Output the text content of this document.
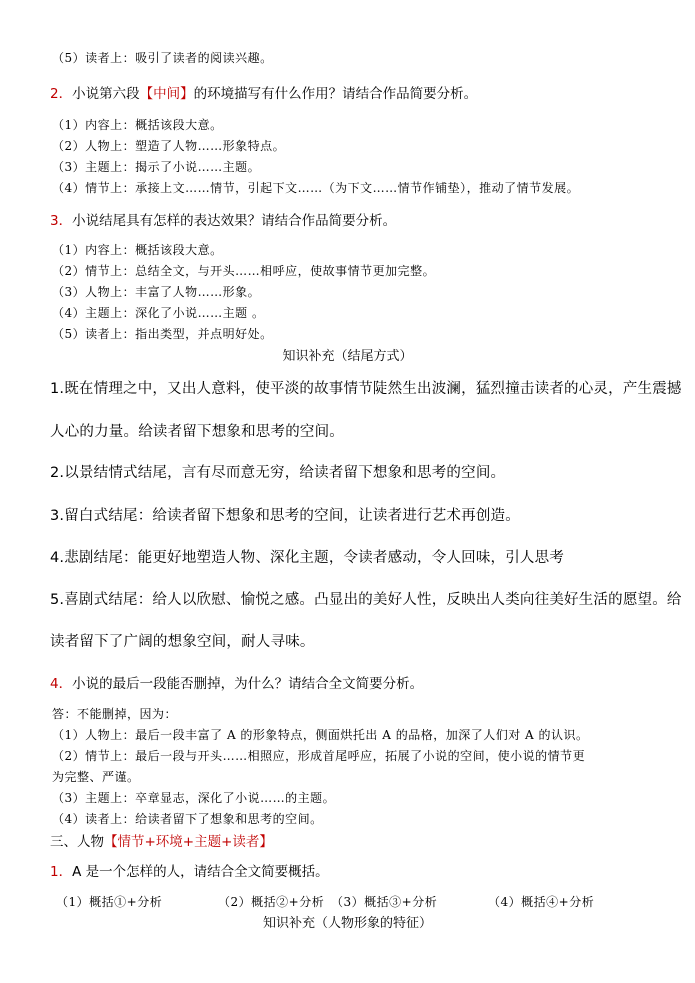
（5）读者上：吸引了读者的阅读兴趣。
2．小说第六段【中间】的环境描写有什么作用？请结合作品简要分析。
（1）内容上：概括该段大意。
（2）人物上：塑造了人物……形象特点。
（3）主题上：揭示了小说……主题。
（4）情节上：承接上文……情节，引起下文……（为下文……情节作铺垫），推动了情节发展。
3．小说结尾具有怎样的表达效果？请结合作品简要分析。
（1）内容上：概括该段大意。
（2）情节上：总结全文，与开头……相呼应，使故事情节更加完整。
（3）人物上：丰富了人物……形象。
（4）主题上：深化了小说……主题 。
（5）读者上：指出类型，并点明好处。
知识补充（结尾方式）
1.既在情理之中，又出人意料，使平淡的故事情节陡然生出波澜，猛烈撞击读者的心灵，产生震撼
人心的力量。给读者留下想象和思考的空间。
2.以景结情式结尾，言有尽而意无穷，给读者留下想象和思考的空间。
3.留白式结尾：给读者留下想象和思考的空间，让读者进行艺术再创造。
4.悲剧结尾：能更好地塑造人物、深化主题，令读者感动，令人回味，引人思考
5.喜剧式结尾：给人以欣慰、愉悦之感。凸显出的美好人性，反映出人类向往美好生活的愿望。给
读者留下了广阔的想象空间，耐人寻味。
4．小说的最后一段能否删掉，为什么？请结合全文简要分析。
答：不能删掉，因为：
（1）人物上：最后一段丰富了 A 的形象特点，侧面烘托出 A 的品格，加深了人们对 A 的认识。
（2）情节上：最后一段与开头……相照应，形成首尾呼应，拓展了小说的空间，使小说的情节更
为完整、严谨。
（3）主题上：卒章显志，深化了小说……的主题。
（4）读者上：给读者留下了想象和思考的空间。
三、人物【情节+环境+主题+读者】
1．A 是一个怎样的人，请结合全文简要概括。
（1）概括①+分析	（2）概括②+分析 （3）概括③+分析	（4）概括④+分析
知识补充（人物形象的特征）
